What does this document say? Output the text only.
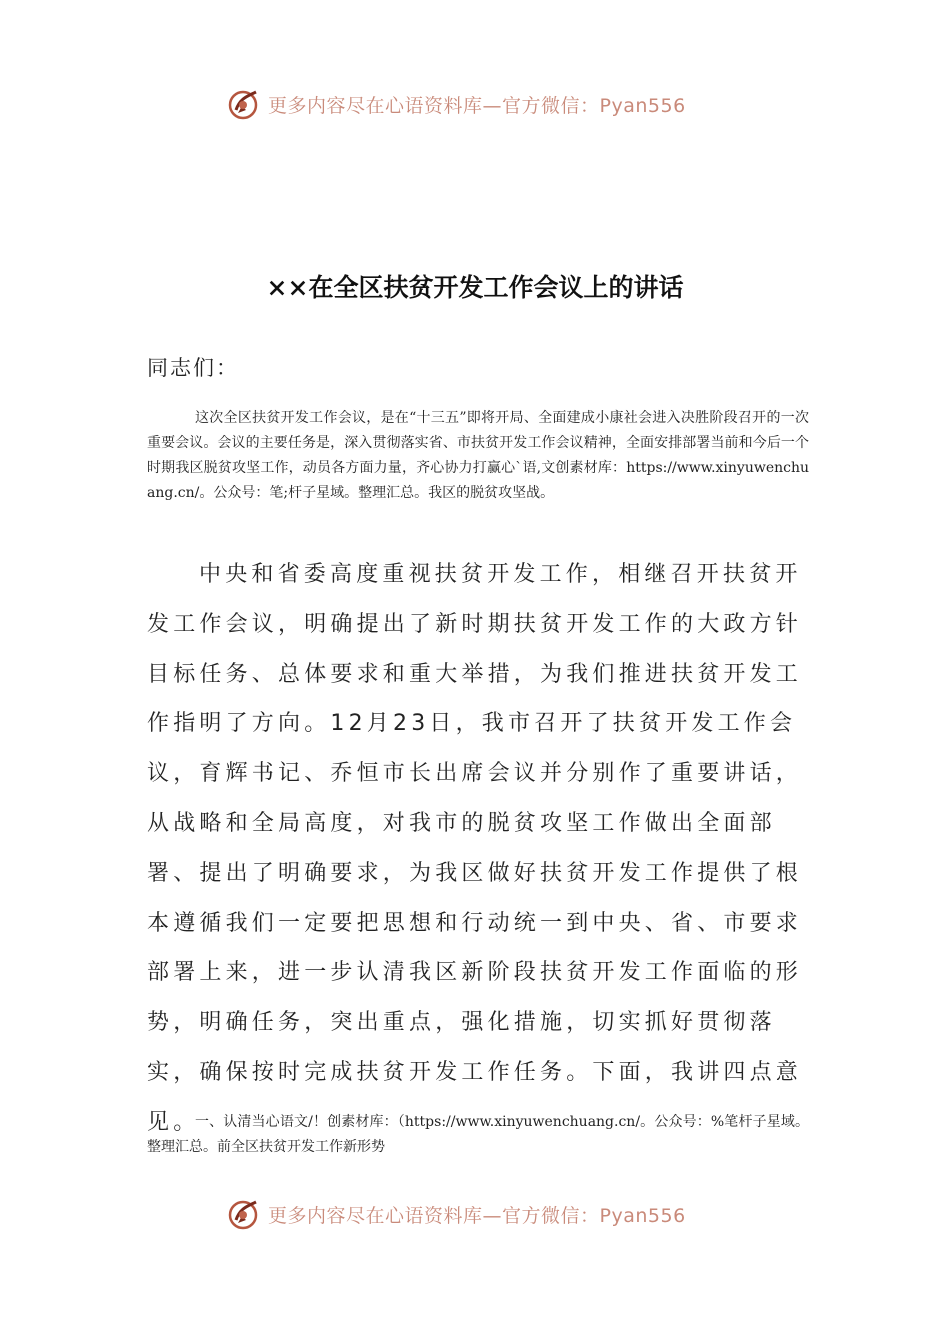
更多内容尽在心语资料库—官方微信：Pyan556
××在全区扶贫开发工作会议上的讲话
同志们：

这次全区扶贫开发工作会议，是在“十三五”即将开局、全面建成小康社会进入决胜阶段召开的一次重要会议。会议的主要任务是，深入贯彻落实省、市扶贫开发工作会议精神，全面安排部署当前和今后一个时期我区脱贫攻坚工作，动员各方面力量，齐心协力打赢心`语,文创素材库：https://www.xinyuwenchuang.cn/。公众号：笔;杆子星域。整理汇总。我区的脱贫攻坚战。

中央和省委高度重视扶贫开发工作，相继召开扶贫开发工作会议，明确提出了新时期扶贫开发工作的大政方针目标任务、总体要求和重大举措，为我们推进扶贫开发工作指明了方向。12月23日，我市召开了扶贫开发工作会议，育辉书记、乔恒市长出席会议并分别作了重要讲话，从战略和全局高度，对我市的脱贫攻坚工作做出全面部署、提出了明确要求，为我区做好扶贫开发工作提供了根本遵循我们一定要把思想和行动统一到中央、省、市要求部署上来，进一步认清我区新阶段扶贫开发工作面临的形势，明确任务，突出重点，强化措施，切实抓好贯彻落实，确保按时完成扶贫开发工作任务。下面，我讲四点意见。

一、认清当心语文/！创素材库：（https://www.xinyuwenchuang.cn/。公众号：%笔杆子星域。整理汇总。前全区扶贫开发工作新形势

更多内容尽在心语资料库—官方微信：Pyan556
